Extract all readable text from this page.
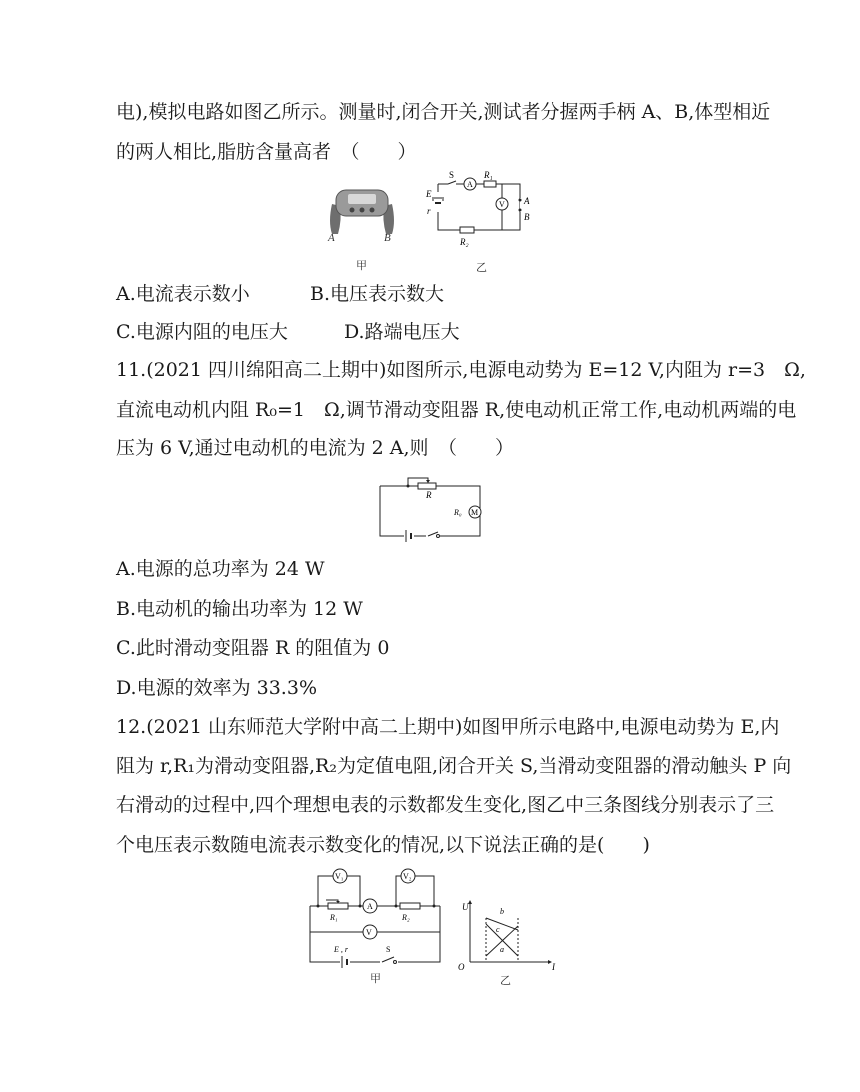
电),模拟电路如图乙所示。测量时,闭合开关,测试者分握两手柄 A、B,体型相近
的两人相比,脂肪含量高者　（　　）
A	B
甲
S
A
R₁
E
r
V A
B
R₂
乙
A.电流表示数小	B.电压表示数大
C.电源内阻的电压大	D.路端电压大
11.(2021 四川绵阳高二上期中)如图所示,电源电动势为 E=12 V,内阻为 r=3　Ω,
直流电动机内阻 R₀=1　Ω,调节滑动变阻器 R,使电动机正常工作,电动机两端的电
压为 6 V,通过电动机的电流为 2 A,则　（　　）
R
R₀ M
A.电源的总功率为 24 W
B.电动机的输出功率为 12 W
C.此时滑动变阻器 R 的阻值为 0
D.电源的效率为 33.3%
12.(2021 山东师范大学附中高二上期中)如图甲所示电路中,电源电动势为 E,内
阻为 r,R₁为滑动变阻器,R₂为定值电阻,闭合开关 S,当滑动变阻器的滑动触头 P 向
右滑动的过程中,四个理想电表的示数都发生变化,图乙中三条图线分别表示了三
个电压表示数随电流表示数变化的情况,以下说法正确的是(　　)
V₁	V₂
R₁
A
R₂
V
E , r	S
甲
U
O	I
b
c
a
乙
